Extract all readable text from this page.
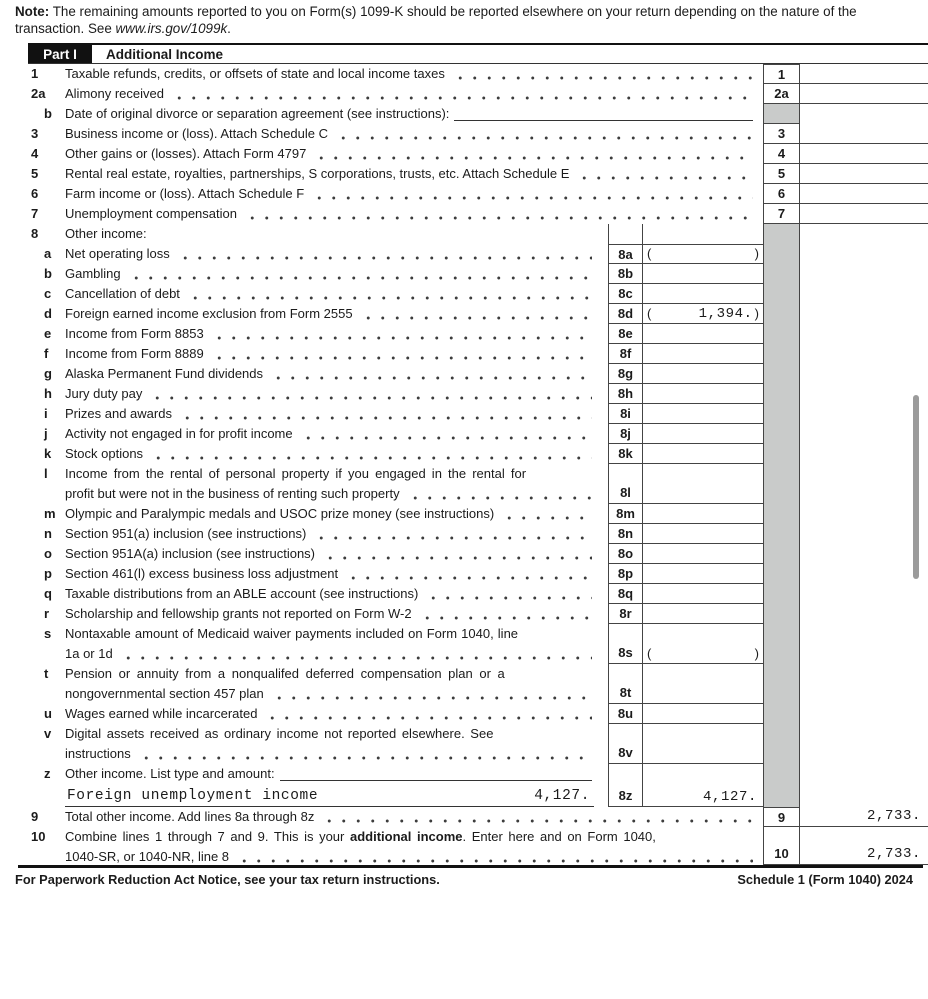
Note: The remaining amounts reported to you on Form(s) 1099-K should be reported elsewhere on your return depending on the nature of the transaction. See www.irs.gov/1099k.
Part I	Additional Income
1	Taxable refunds, credits, or offsets of state and local income taxes	1
2a	Alimony received	2a
b	Date of original divorce or separation agreement (see instructions):
3	Business income or (loss). Attach Schedule C	3
4	Other gains or (losses). Attach Form 4797	4
5	Rental real estate, royalties, partnerships, S corporations, trusts, etc. Attach Schedule E	5
6	Farm income or (loss). Attach Schedule F	6
7	Unemployment compensation	7
8	Other income:
a	Net operating loss	8a	(	)
b	Gambling	8b
c	Cancellation of debt	8c
d	Foreign earned income exclusion from Form 2555	8d	(	1,394. )
e	Income from Form 8853	8e
f	Income from Form 8889	8f
g	Alaska Permanent Fund dividends	8g
h	Jury duty pay	8h
i	Prizes and awards	8i
j	Activity not engaged in for profit income	8j
k	Stock options	8k
l	Income from the rental of personal property if you engaged in the rental for
profit but were not in the business of renting such property	8l
m Olympic and Paralympic medals and USOC prize money (see instructions)	8m
n	Section 951(a) inclusion (see instructions)	8n
o	Section 951A(a) inclusion (see instructions)	8o
p	Section 461(l) excess business loss adjustment	8p
q	Taxable distributions from an ABLE account (see instructions)	8q
r	Scholarship and fellowship grants not reported on Form W-2	8r
s	Nontaxable amount of Medicaid waiver payments included on Form 1040, line
1a or 1d	8s	(	)
t	Pension or annuity from a nonqualifed deferred compensation plan or a
nongovernmental section 457 plan	8t
u	Wages earned while incarcerated	8u
v	Digital assets received as ordinary income not reported elsewhere. See
instructions	8v
z	Other income. List type and amount:
Foreign unemployment income	4,127.	8z	4,127.
9	Total other income. Add lines 8a through 8z	9	2,733.
10	Combine lines 1 through 7 and 9. This is your additional income . Enter here and on Form 1040,
1040-SR, or 1040-NR, line 8	10	2,733.
For Paperwork Reduction Act Notice, see your tax return instructions.	Schedule 1 (Form 1040) 2024
